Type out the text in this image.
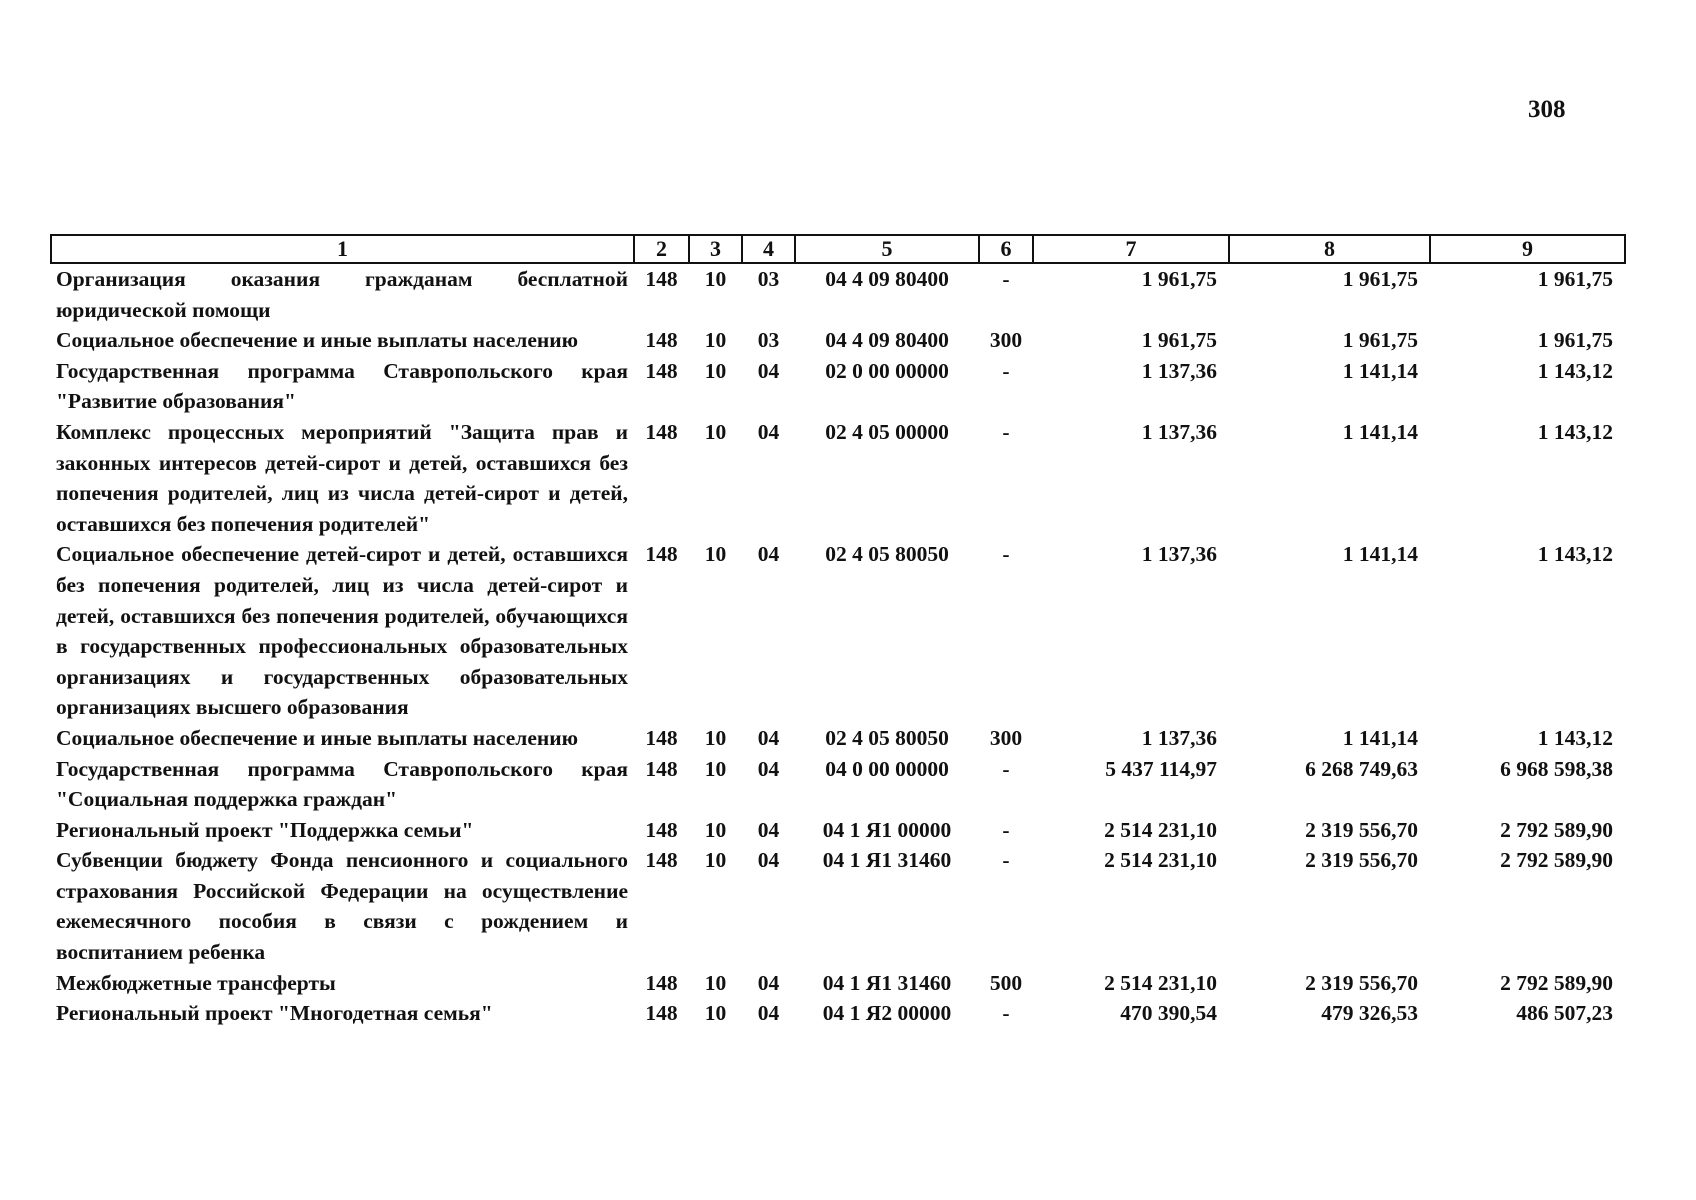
308
1	2	3	4	5	6	7	8	9
Организация оказания гражданам бесплатной юридической помощи	148	10	03	04 4 09 80400	-	1 961,75	1 961,75	1 961,75
Социальное обеспечение и иные выплаты населению	148	10	03	04 4 09 80400	300	1 961,75	1 961,75	1 961,75
Государственная программа Ставропольского края "Развитие образования"	148	10	04	02 0 00 00000	-	1 137,36	1 141,14	1 143,12
Комплекс процессных мероприятий "Защита прав и законных интересов детей-сирот и детей, оставшихся без попечения родителей, лиц из числа детей-сирот и детей, оставшихся без попечения родителей"	148	10	04	02 4 05 00000	-	1 137,36	1 141,14	1 143,12
Социальное обеспечение детей-сирот и детей, оставшихся без попечения родителей, лиц из числа детей-сирот и детей, оставшихся без попечения родителей, обучающихся в государственных профессиональных образовательных организациях и государственных образовательных организациях высшего образования	148	10	04	02 4 05 80050	-	1 137,36	1 141,14	1 143,12
Социальное обеспечение и иные выплаты населению	148	10	04	02 4 05 80050	300	1 137,36	1 141,14	1 143,12
Государственная программа Ставропольского края "Социальная поддержка граждан"	148	10	04	04 0 00 00000	-	5 437 114,97	6 268 749,63	6 968 598,38
Региональный проект "Поддержка семьи"	148	10	04	04 1 Я1 00000	-	2 514 231,10	2 319 556,70	2 792 589,90
Субвенции бюджету Фонда пенсионного и социального страхования Российской Федерации на осуществление ежемесячного пособия в связи с рождением и воспитанием ребенка	148	10	04	04 1 Я1 31460	-	2 514 231,10	2 319 556,70	2 792 589,90
Межбюджетные трансферты	148	10	04	04 1 Я1 31460	500	2 514 231,10	2 319 556,70	2 792 589,90
Региональный проект "Многодетная семья"	148	10	04	04 1 Я2 00000	-	470 390,54	479 326,53	486 507,23
